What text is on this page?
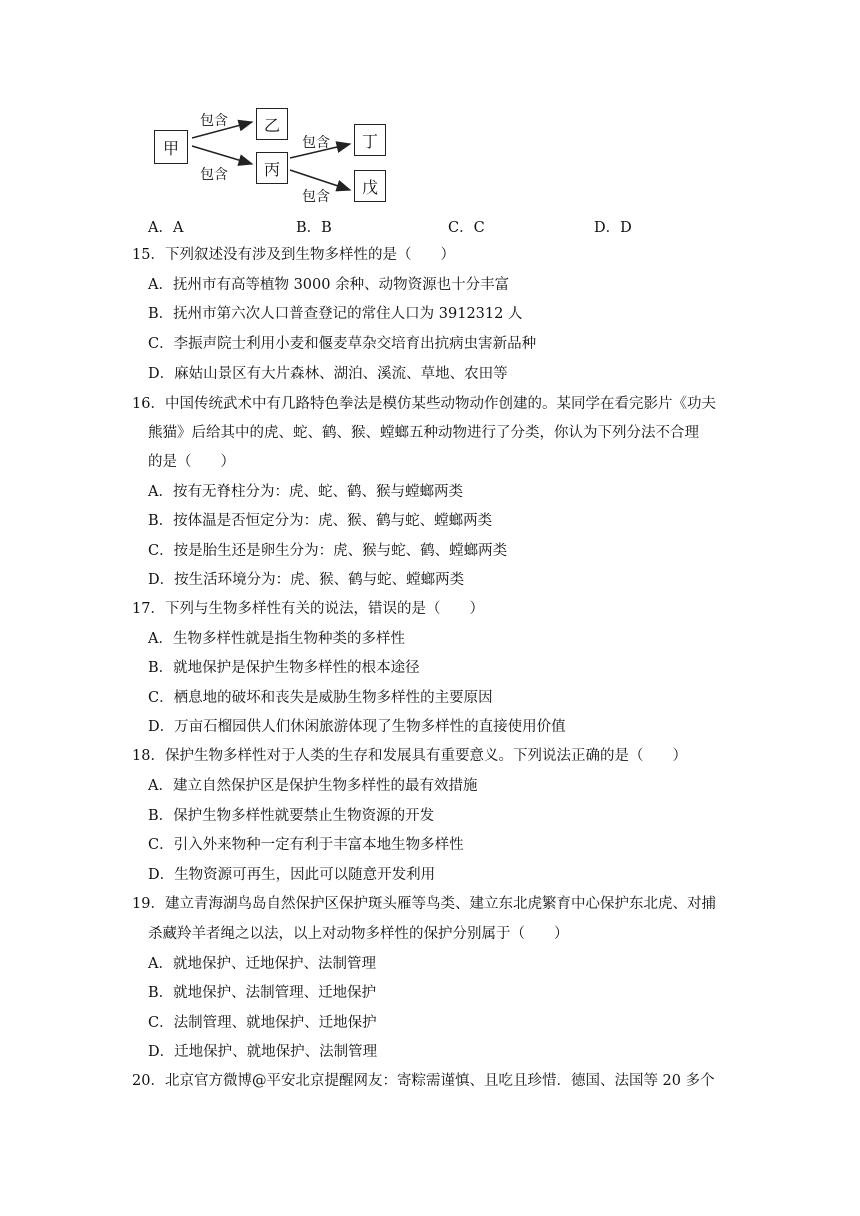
甲
乙
丙
丁
戊
包含
包含
包含
包含
A．A	B．B	C．C	D．D
15．下列叙述没有涉及到生物多样性的是（　　）
A．抚州市有高等植物 3000 余种、动物资源也十分丰富
B．抚州市第六次人口普查登记的常住人口为 3912312 人
C．李振声院士利用小麦和偃麦草杂交培育出抗病虫害新品种
D．麻姑山景区有大片森林、湖泊、溪流、草地、农田等
16．中国传统武术中有几路特色拳法是模仿某些动物动作创建的。某同学在看完影片《功夫
熊猫》后给其中的虎、蛇、鹤、猴、螳螂五种动物进行了分类，你认为下列分法不合理
的是（　　）
A．按有无脊柱分为：虎、蛇、鹤、猴与螳螂两类
B．按体温是否恒定分为：虎、猴、鹤与蛇、螳螂两类
C．按是胎生还是卵生分为：虎、猴与蛇、鹤、螳螂两类
D．按生活环境分为：虎、猴、鹤与蛇、螳螂两类
17．下列与生物多样性有关的说法，错误的是（　　）
A．生物多样性就是指生物种类的多样性
B．就地保护是保护生物多样性的根本途径
C．栖息地的破坏和丧失是威胁生物多样性的主要原因
D．万亩石榴园供人们休闲旅游体现了生物多样性的直接使用价值
18．保护生物多样性对于人类的生存和发展具有重要意义。下列说法正确的是（　　）
A．建立自然保护区是保护生物多样性的最有效措施
B．保护生物多样性就要禁止生物资源的开发
C．引入外来物种一定有利于丰富本地生物多样性
D．生物资源可再生，因此可以随意开发利用
19．建立青海湖鸟岛自然保护区保护斑头雁等鸟类、建立东北虎繁育中心保护东北虎、对捕
杀藏羚羊者绳之以法，以上对动物多样性的保护分别属于（　　）
A．就地保护、迁地保护、法制管理
B．就地保护、法制管理、迁地保护
C．法制管理、就地保护、迁地保护
D．迁地保护、就地保护、法制管理
20．北京官方微博@平安北京提醒网友：寄粽需谨慎、且吃且珍惜．德国、法国等 20 多个
